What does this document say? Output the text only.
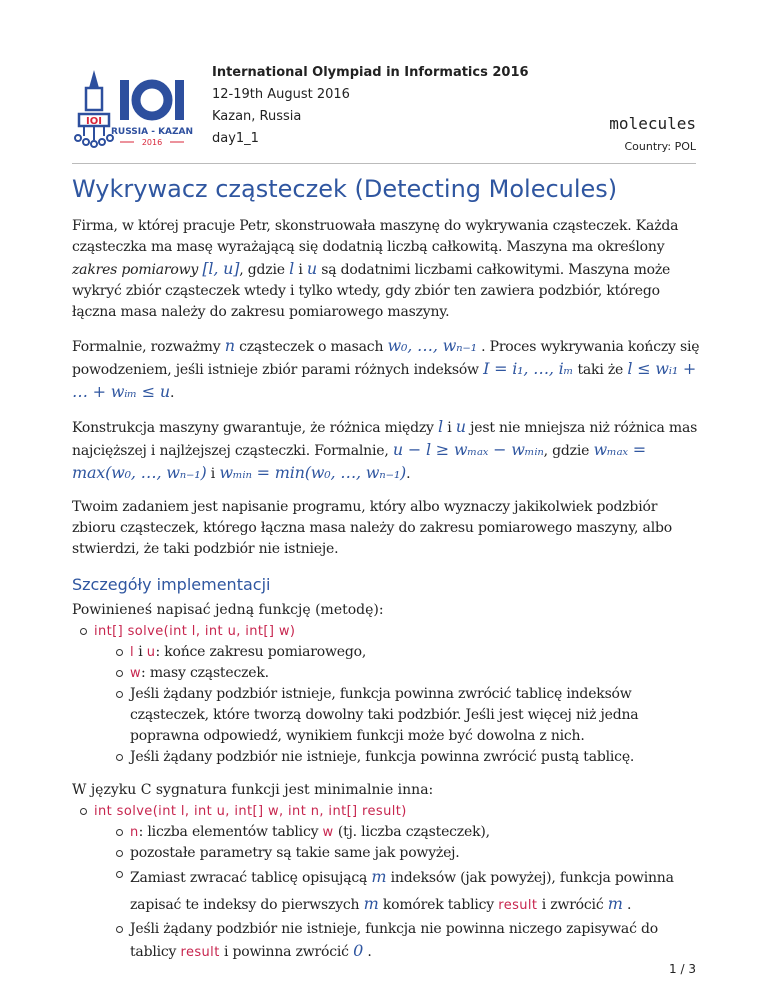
IOI
RUSSIA - KAZAN
2016
International Olympiad in Informatics 2016
12-19th August 2016
Kazan, Russia
day1_1
molecules
Country: POL
Wykrywacz cząsteczek (Detecting Molecules)

Firma, w której pracuje Petr, skonstruowała maszynę do wykrywania cząsteczek. Każda cząsteczka ma masę wyrażającą się dodatnią liczbą całkowitą. Maszyna ma określony zakres pomiarowy [l, u], gdzie l i u są dodatnimi liczbami całkowitymi. Maszyna może wykryć zbiór cząsteczek wtedy i tylko wtedy, gdy zbiór ten zawiera podzbiór, którego łączna masa należy do zakresu pomiarowego maszyny.

Formalnie, rozważmy n cząsteczek o masach w₀, …, wₙ₋₁ . Proces wykrywania kończy się powodzeniem, jeśli istnieje zbiór parami różnych indeksów I = i₁, …, iₘ taki że l ≤ wᵢ₁ + … + wᵢₘ ≤ u.

Konstrukcja maszyny gwarantuje, że różnica między l i u jest nie mniejsza niż różnica mas najcięższej i najlżejszej cząsteczki. Formalnie, u − l ≥ wₘₐₓ − wₘᵢₙ, gdzie wₘₐₓ = max(w₀, …, wₙ₋₁) i wₘᵢₙ = min(w₀, …, wₙ₋₁).

Twoim zadaniem jest napisanie programu, który albo wyznaczy jakikolwiek podzbiór zbioru cząsteczek, którego łączna masa należy do zakresu pomiarowego maszyny, albo stwierdzi, że taki podzbiór nie istnieje.

Szczegóły implementacji
Powinieneś napisać jedną funkcję (metodę):
int[] solve(int l, int u, int[] w)
l i u: końce zakresu pomiarowego,
w: masy cząsteczek.
Jeśli żądany podzbiór istnieje, funkcja powinna zwrócić tablicę indeksów cząsteczek, które tworzą dowolny taki podzbiór. Jeśli jest więcej niż jedna poprawna odpowiedź, wynikiem funkcji może być dowolna z nich.
Jeśli żądany podzbiór nie istnieje, funkcja powinna zwrócić pustą tablicę.
W języku C sygnatura funkcji jest minimalnie inna:
int solve(int l, int u, int[] w, int n, int[] result)
n: liczba elementów tablicy w (tj. liczba cząsteczek),
pozostałe parametry są takie same jak powyżej.
Zamiast zwracać tablicę opisującą m indeksów (jak powyżej), funkcja powinna zapisać te indeksy do pierwszych m komórek tablicy result i zwrócić m .
Jeśli żądany podzbiór nie istnieje, funkcja nie powinna niczego zapisywać do tablicy result i powinna zwrócić 0 .
1 / 3
